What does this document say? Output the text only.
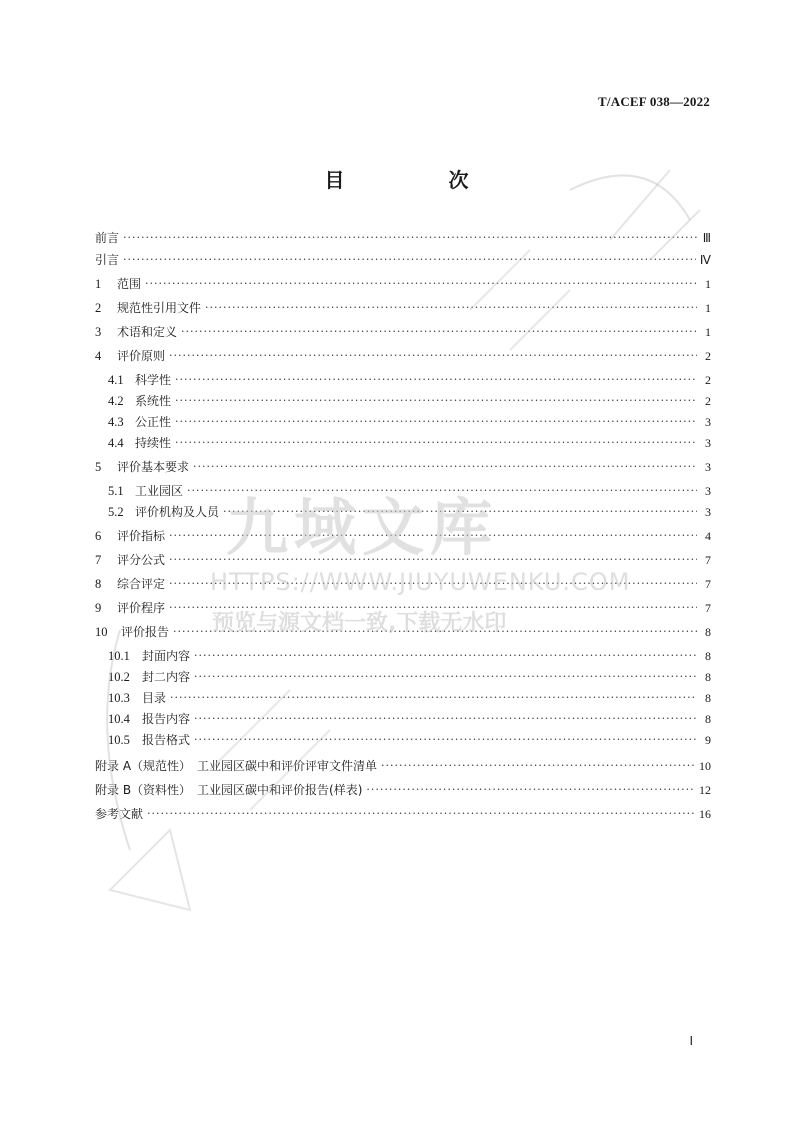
T/ACEF 038—2022
目　次
前言 ·····	Ⅲ
引言 ·····	Ⅳ
1	范围 ·····	1
2	规范性引用文件 ·····	1
3	术语和定义 ·····	1
4	评价原则 ·····	2
4.1 科学性 ·····	2
4.2 系统性 ·····	2
4.3 公正性 ·····	3
4.4 持续性 ·····	3
5	评价基本要求 ·····	3
5.1 工业园区 ·····	3
5.2 评价机构及人员 ·····	3
6	评价指标 ·····	4
7	评分公式 ·····	7
8	综合评定 ·····	7
9	评价程序 ·····	7
10	评价报告 ·····	8
10.1	封面内容 ·····	8
10.2	封二内容 ·····	8
10.3	目录 ·····	8
10.4	报告内容 ·····	8
10.5	报告格式 ·····	9
附录 A（规范性）　工业园区碳中和评价评审文件清单 ·····	10
附录 B（资料性）　工业园区碳中和评价报告(样表) ·····	12
参考文献 ·····	16
Ⅰ
九域文库
HTTPS://WWW.JIUYUWENKU.COM
预览与源文档一致,下载无水印
